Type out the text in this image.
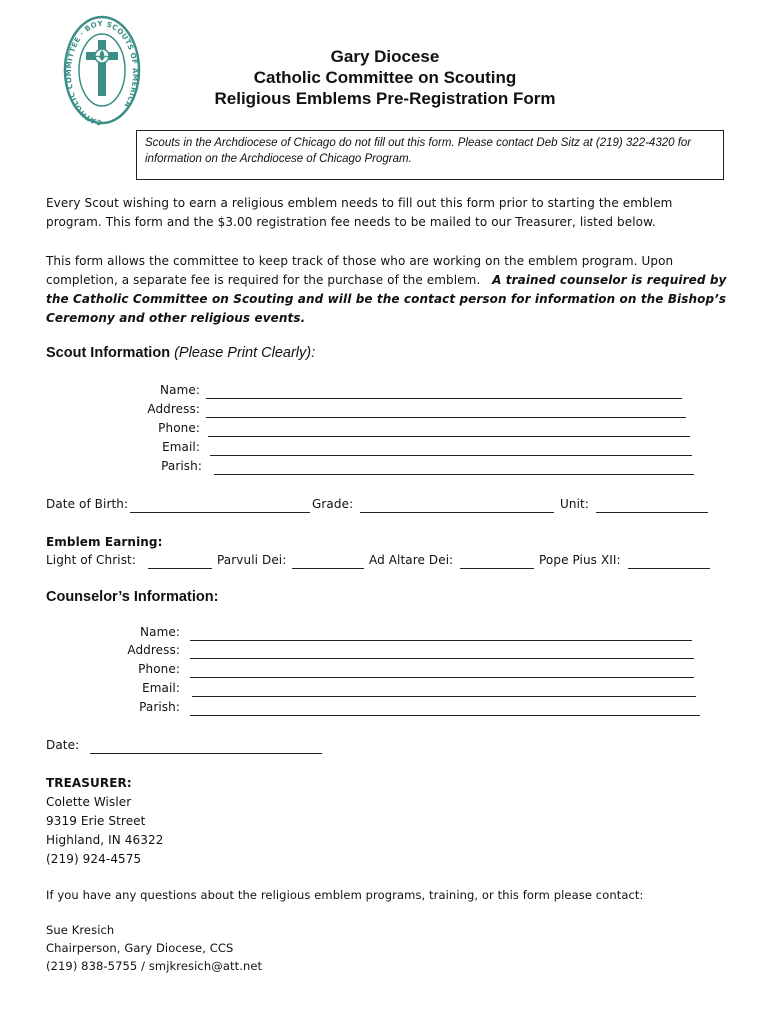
CATHOLIC COMMITTEE · BOY SCOUTS OF AMERICA
Gary Diocese
Catholic Committee on Scouting
Religious Emblems Pre-Registration Form
Scouts in the Archdiocese of Chicago do not fill out this form. Please contact Deb Sitz at (219) 322-4320 for information on the Archdiocese of Chicago Program.
Every Scout wishing to earn a religious emblem needs to fill out this form prior to starting the emblem
program. This form and the $3.00 registration fee needs to be mailed to our Treasurer, listed below.
This form allows the committee to keep track of those who are working on the emblem program. Upon
completion, a separate fee is required for the purchase of the emblem. A trained counselor is required by
the Catholic Committee on Scouting and will be the contact person for information on the Bishop’s
Ceremony and other religious events.
Scout Information (Please Print Clearly):
Name:
Address:
Phone:
Email:
Parish:
Date of Birth:	Grade:	Unit:
Emblem Earning:
Light of Christ:	Parvuli Dei:	Ad Altare Dei:	Pope Pius XII:
Counselor’s Information:
Name:
Address:
Phone:
Email:
Parish:
Date:
TREASURER:
Colette Wisler
9319 Erie Street
Highland, IN 46322
(219) 924-4575
If you have any questions about the religious emblem programs, training, or this form please contact:
Sue Kresich
Chairperson, Gary Diocese, CCS
(219) 838-5755 / smjkresich@att.net
